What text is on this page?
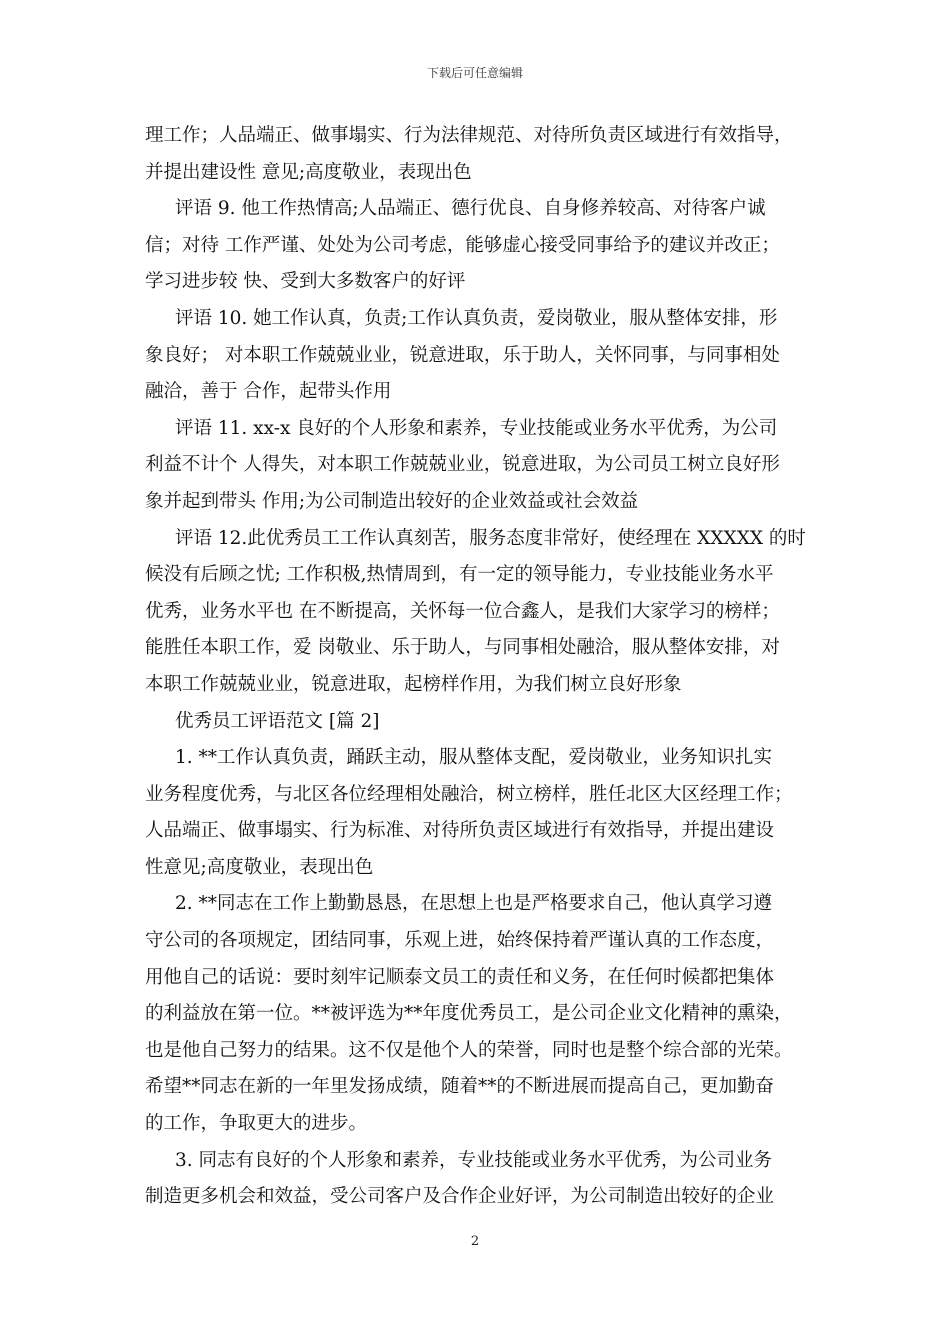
下载后可任意编辑
理工作；人品端正、做事塌实、行为法律规范、对待所负责区域进行有效指导，
并提出建设性 意见;高度敬业，表现出色
评语 9. 他工作热情高;人品端正、德行优良、自身修养较高、对待客户诚
信；对待 工作严谨、处处为公司考虑，能够虚心接受同事给予的建议并改正；
学习进步较 快、受到大多数客户的好评
评语 10. 她工作认真，负责;工作认真负责，爱岗敬业，服从整体安排，形
象良好； 对本职工作兢兢业业，锐意进取，乐于助人，关怀同事，与同事相处
融洽，善于 合作，起带头作用
评语 11. xx-x 良好的个人形象和素养，专业技能或业务水平优秀，为公司
利益不计个 人得失，对本职工作兢兢业业，锐意进取，为公司员工树立良好形
象并起到带头 作用;为公司制造出较好的企业效益或社会效益
评语 12.此优秀员工工作认真刻苦，服务态度非常好，使经理在 XXXXX 的时
候没有后顾之忧; 工作积极,热情周到，有一定的领导能力，专业技能业务水平
优秀，业务水平也 在不断提高，关怀每一位合鑫人，是我们大家学习的榜样；
能胜任本职工作，爱 岗敬业、乐于助人，与同事相处融洽，服从整体安排，对
本职工作兢兢业业，锐意进取，起榜样作用，为我们树立良好形象
优秀员工评语范文 [篇 2]
1. **工作认真负责，踊跃主动，服从整体支配，爱岗敬业，业务知识扎实
业务程度优秀，与北区各位经理相处融洽，树立榜样，胜任北区大区经理工作；
人品端正、做事塌实、行为标准、对待所负责区域进行有效指导，并提出建设
性意见;高度敬业，表现出色
2. **同志在工作上勤勤恳恳，在思想上也是严格要求自己，他认真学习遵
守公司的各项规定，团结同事，乐观上进，始终保持着严谨认真的工作态度，
用他自己的话说：要时刻牢记顺泰文员工的责任和义务，在任何时候都把集体
的利益放在第一位。**被评选为**年度优秀员工，是公司企业文化精神的熏染，
也是他自己努力的结果。这不仅是他个人的荣誉，同时也是整个综合部的光荣。
希望**同志在新的一年里发扬成绩，随着**的不断进展而提高自己，更加勤奋
的工作，争取更大的进步。
3. 同志有良好的个人形象和素养，专业技能或业务水平优秀，为公司业务
制造更多机会和效益，受公司客户及合作企业好评，为公司制造出较好的企业
2
